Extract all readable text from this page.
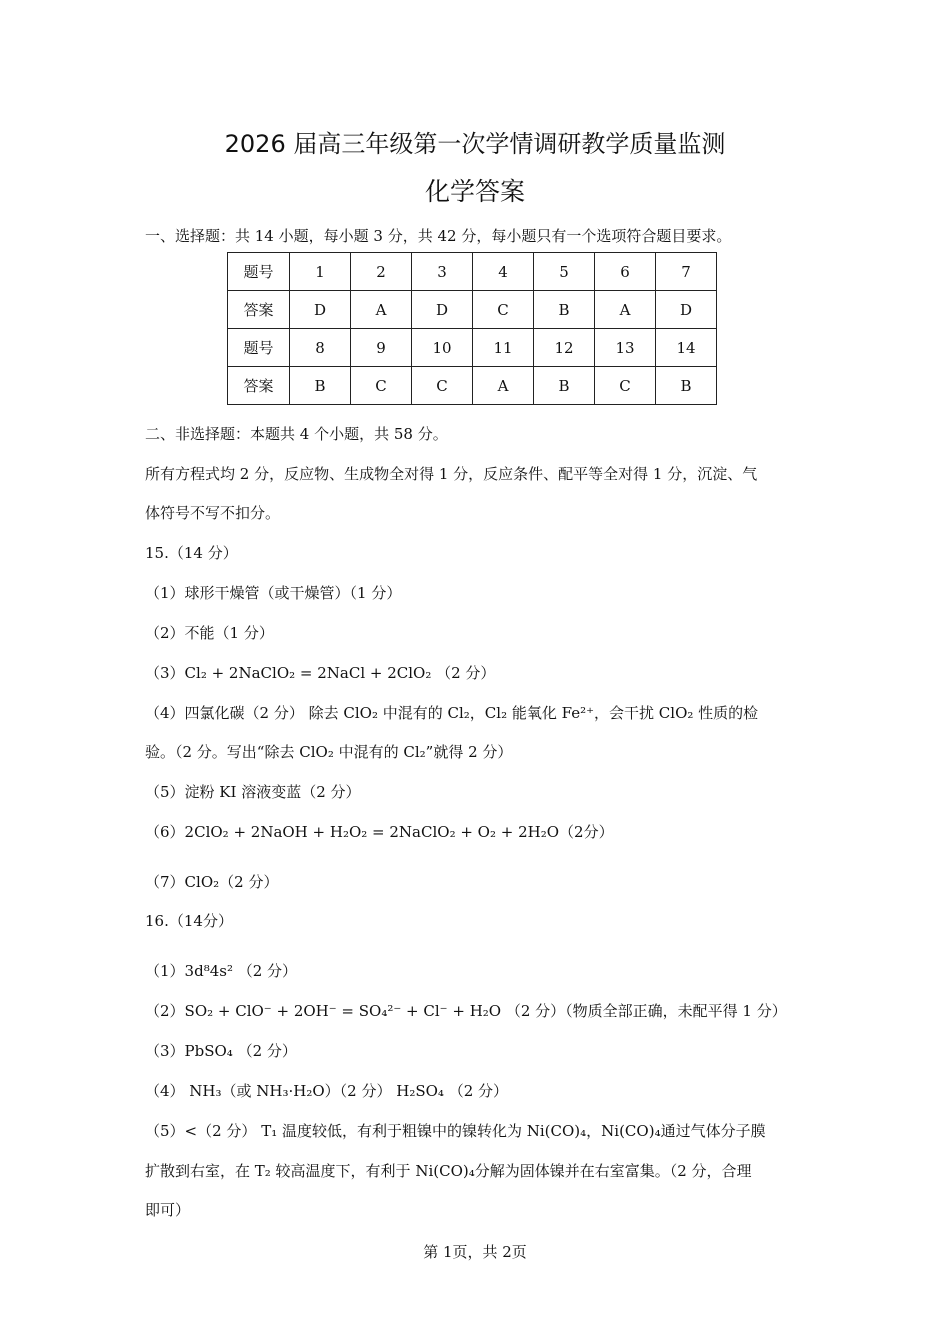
2026 届高三年级第一次学情调研教学质量监测
化学答案
一、选择题：共 14 小题，每小题 3 分，共 42 分，每小题只有一个选项符合题目要求。
题号	1	2	3	4	5	6	7
答案	D	A	D	C	B	A	D
题号	8	9	10	11	12	13	14
答案	B	C	C	A	B	C	B
二、非选择题：本题共 4 个小题，共 58 分。
所有方程式均 2 分，反应物、生成物全对得 1 分，反应条件、配平等全对得 1 分，沉淀、气
体符号不写不扣分。
15.（14 分）
（1）球形干燥管（或干燥管）（1 分）
（2）不能（1 分）
（3）Cl₂ + 2NaClO₂ = 2NaCl + 2ClO₂ （2 分）
（4）四氯化碳（2 分） 除去 ClO₂ 中混有的 Cl₂，Cl₂ 能氧化 Fe²⁺，会干扰 ClO₂ 性质的检
验。（2 分。写出“除去 ClO₂ 中混有的 Cl₂”就得 2 分）
（5）淀粉 KI 溶液变蓝（2 分）
（6）2ClO₂ + 2NaOH + H₂O₂ = 2NaClO₂ + O₂ + 2H₂O（2分）
（7）ClO₂（2 分）
16.（14分）
（1）3d⁸4s² （2 分）
（2）SO₂ + ClO⁻ + 2OH⁻ = SO₄²⁻ + Cl⁻ + H₂O （2 分）（物质全部正确，未配平得 1 分）
（3）PbSO₄ （2 分）
（4） NH₃（或 NH₃·H₂O）（2 分） H₂SO₄ （2 分）
（5）<（2 分） T₁ 温度较低，有利于粗镍中的镍转化为 Ni(CO)₄，Ni(CO)₄通过气体分子膜
扩散到右室，在 T₂ 较高温度下，有利于 Ni(CO)₄分解为固体镍并在右室富集。（2 分，合理
即可）
第 1页，共 2页
